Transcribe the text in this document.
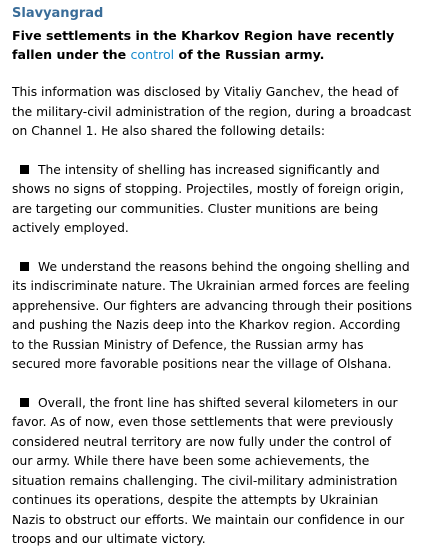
Slavyangrad

Five settlements in the Kharkov Region have recently fallen under the control of the Russian army.

This information was disclosed by Vitaliy Ganchev, the head of the military-civil administration of the region, during a broadcast on Channel 1. He also shared the following details:

The intensity of shelling has increased significantly and shows no signs of stopping. Projectiles, mostly of foreign origin, are targeting our communities. Cluster munitions are being actively employed.

We understand the reasons behind the ongoing shelling and its indiscriminate nature. The Ukrainian armed forces are feeling apprehensive. Our fighters are advancing through their positions and pushing the Nazis deep into the Kharkov region. According to the Russian Ministry of Defence, the Russian army has secured more favorable positions near the village of Olshana.

Overall, the front line has shifted several kilometers in our favor. As of now, even those settlements that were previously considered neutral territory are now fully under the control of our army. While there have been some achievements, the situation remains challenging. The civil-military administration continues its operations, despite the attempts by Ukrainian Nazis to obstruct our efforts. We maintain our confidence in our troops and our ultimate victory.
